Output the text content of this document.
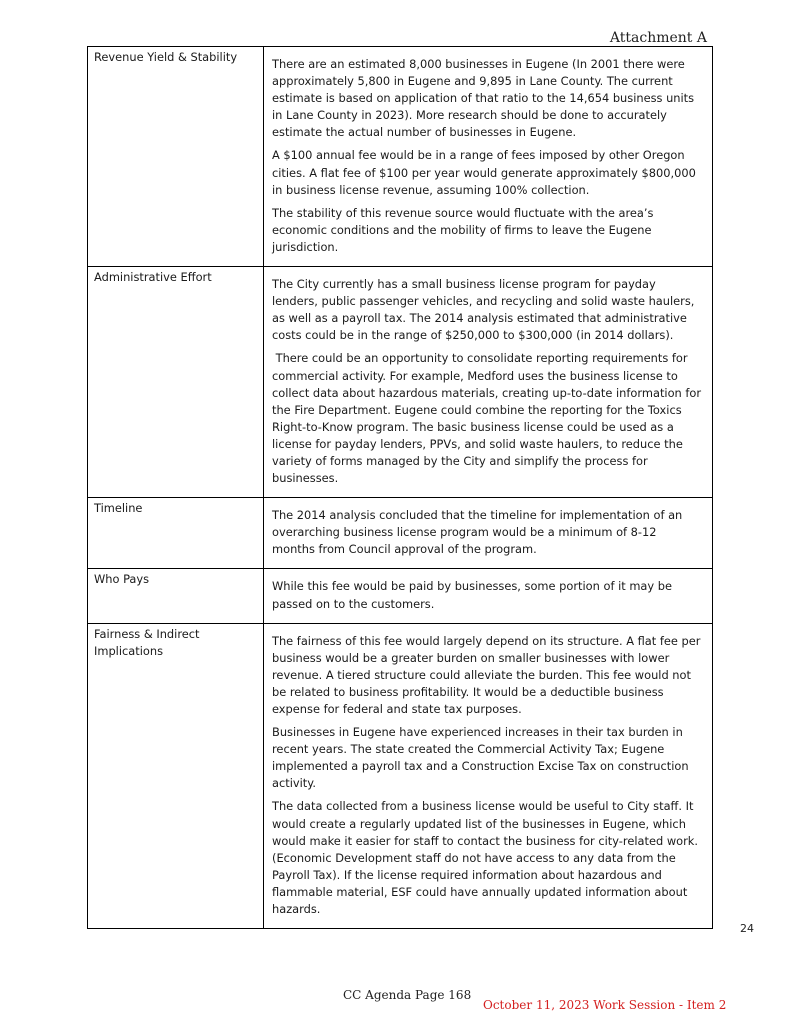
Attachment A
Revenue Yield & Stability	There are an estimated 8,000 businesses in Eugene (In 2001 there were approximately 5,800 in Eugene and 9,895 in Lane County. The current estimate is based on application of that ratio to the 14,654 business units in Lane County in 2023). More research should be done to accurately estimate the actual number of businesses in Eugene.

A $100 annual fee would be in a range of fees imposed by other Oregon cities. A flat fee of $100 per year would generate approximately $800,000 in business license revenue, assuming 100% collection.

The stability of this revenue source would fluctuate with the area’s economic conditions and the mobility of firms to leave the Eugene jurisdiction.

Administrative Effort	The City currently has a small business license program for payday lenders, public passenger vehicles, and recycling and solid waste haulers, as well as a payroll tax. The 2014 analysis estimated that administrative costs could be in the range of $250,000 to $300,000 (in 2014 dollars).

There could be an opportunity to consolidate reporting requirements for commercial activity. For example, Medford uses the business license to collect data about hazardous materials, creating up-to-date information for the Fire Department. Eugene could combine the reporting for the Toxics Right-to-Know program. The basic business license could be used as a license for payday lenders, PPVs, and solid waste haulers, to reduce the variety of forms managed by the City and simplify the process for businesses.

Timeline	The 2014 analysis concluded that the timeline for implementation of an overarching business license program would be a minimum of 8-12 months from Council approval of the program.

Who Pays	While this fee would be paid by businesses, some portion of it may be passed on to the customers.

Fairness & Indirect Implications	The fairness of this fee would largely depend on its structure. A flat fee per business would be a greater burden on smaller businesses with lower revenue. A tiered structure could alleviate the burden. This fee would not be related to business profitability. It would be a deductible business expense for federal and state tax purposes.

Businesses in Eugene have experienced increases in their tax burden in recent years. The state created the Commercial Activity Tax; Eugene implemented a payroll tax and a Construction Excise Tax on construction activity.

The data collected from a business license would be useful to City staff. It would create a regularly updated list of the businesses in Eugene, which would make it easier for staff to contact the business for city-related work. (Economic Development staff do not have access to any data from the Payroll Tax). If the license required information about hazardous and flammable material, ESF could have annually updated information about hazards.

24
CC Agenda Page 168
October 11, 2023 Work Session - Item 2
